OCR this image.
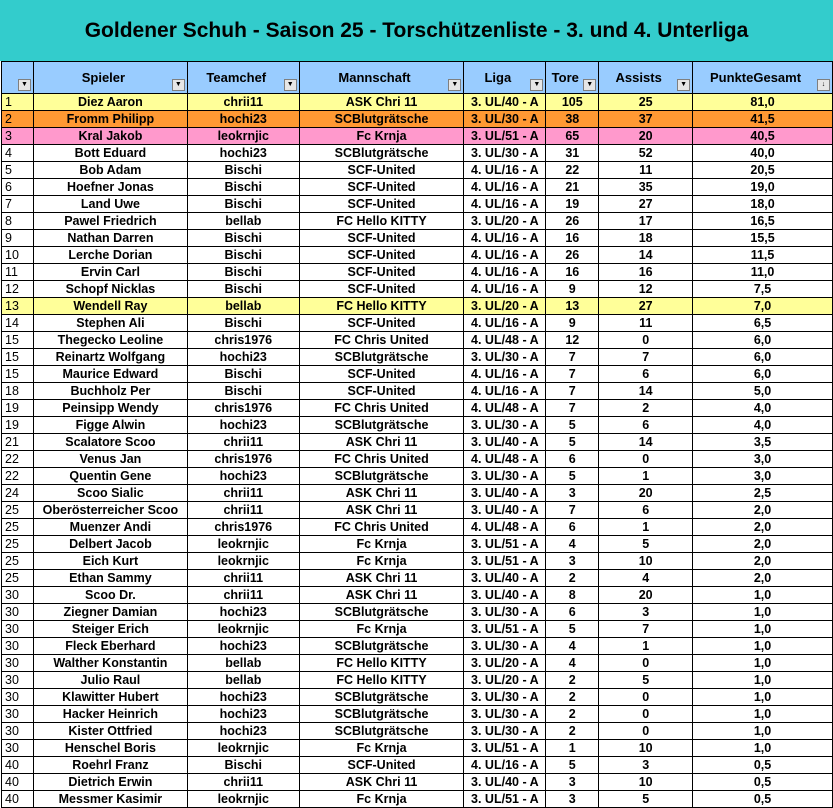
Goldener Schuh - Saison 25 - Torschützenliste - 3. und 4. Unterliga
▼	Spieler ▼	Teamchef ▼	Mannschaft ▼	Liga ▼	Tore ▼	Assists ▼	PunkteGesamt ↓

1	Diez Aaron	chrii11	ASK Chri 11	3. UL/40 - A	105	25	81,0
2	Fromm Philipp	hochi23	SCBlutgrätsche	3. UL/30 - A	38	37	41,5
3	Kral Jakob	leokrnjic	Fc Krnja	3. UL/51 - A	65	20	40,5
4	Bott Eduard	hochi23	SCBlutgrätsche	3. UL/30 - A	31	52	40,0
5	Bob Adam	Bischi	SCF-United	4. UL/16 - A	22	11	20,5
6	Hoefner Jonas	Bischi	SCF-United	4. UL/16 - A	21	35	19,0
7	Land Uwe	Bischi	SCF-United	4. UL/16 - A	19	27	18,0
8	Pawel Friedrich	bellab	FC Hello KITTY	3. UL/20 - A	26	17	16,5
9	Nathan Darren	Bischi	SCF-United	4. UL/16 - A	16	18	15,5
10	Lerche Dorian	Bischi	SCF-United	4. UL/16 - A	26	14	11,5
11	Ervin Carl	Bischi	SCF-United	4. UL/16 - A	16	16	11,0
12	Schopf Nicklas	Bischi	SCF-United	4. UL/16 - A	9	12	7,5
13	Wendell Ray	bellab	FC Hello KITTY	3. UL/20 - A	13	27	7,0
14	Stephen Ali	Bischi	SCF-United	4. UL/16 - A	9	11	6,5
15	Thegecko Leoline	chris1976	FC Chris United	4. UL/48 - A	12	0	6,0
15	Reinartz Wolfgang	hochi23	SCBlutgrätsche	3. UL/30 - A	7	7	6,0
15	Maurice Edward	Bischi	SCF-United	4. UL/16 - A	7	6	6,0
18	Buchholz Per	Bischi	SCF-United	4. UL/16 - A	7	14	5,0
19	Peinsipp Wendy	chris1976	FC Chris United	4. UL/48 - A	7	2	4,0
19	Figge Alwin	hochi23	SCBlutgrätsche	3. UL/30 - A	5	6	4,0
21	Scalatore Scoo	chrii11	ASK Chri 11	3. UL/40 - A	5	14	3,5
22	Venus Jan	chris1976	FC Chris United	4. UL/48 - A	6	0	3,0
22	Quentin Gene	hochi23	SCBlutgrätsche	3. UL/30 - A	5	1	3,0
24	Scoo Sialic	chrii11	ASK Chri 11	3. UL/40 - A	3	20	2,5
25	Oberösterreicher Scoo	chrii11	ASK Chri 11	3. UL/40 - A	7	6	2,0
25	Muenzer Andi	chris1976	FC Chris United	4. UL/48 - A	6	1	2,0
25	Delbert Jacob	leokrnjic	Fc Krnja	3. UL/51 - A	4	5	2,0
25	Eich Kurt	leokrnjic	Fc Krnja	3. UL/51 - A	3	10	2,0
25	Ethan Sammy	chrii11	ASK Chri 11	3. UL/40 - A	2	4	2,0
30	Scoo Dr.	chrii11	ASK Chri 11	3. UL/40 - A	8	20	1,0
30	Ziegner Damian	hochi23	SCBlutgrätsche	3. UL/30 - A	6	3	1,0
30	Steiger Erich	leokrnjic	Fc Krnja	3. UL/51 - A	5	7	1,0
30	Fleck Eberhard	hochi23	SCBlutgrätsche	3. UL/30 - A	4	1	1,0
30	Walther Konstantin	bellab	FC Hello KITTY	3. UL/20 - A	4	0	1,0
30	Julio Raul	bellab	FC Hello KITTY	3. UL/20 - A	2	5	1,0
30	Klawitter Hubert	hochi23	SCBlutgrätsche	3. UL/30 - A	2	0	1,0
30	Hacker Heinrich	hochi23	SCBlutgrätsche	3. UL/30 - A	2	0	1,0
30	Kister Ottfried	hochi23	SCBlutgrätsche	3. UL/30 - A	2	0	1,0
30	Henschel Boris	leokrnjic	Fc Krnja	3. UL/51 - A	1	10	1,0
40	Roehrl Franz	Bischi	SCF-United	4. UL/16 - A	5	3	0,5
40	Dietrich Erwin	chrii11	ASK Chri 11	3. UL/40 - A	3	10	0,5
40	Messmer Kasimir	leokrnjic	Fc Krnja	3. UL/51 - A	3	5	0,5
